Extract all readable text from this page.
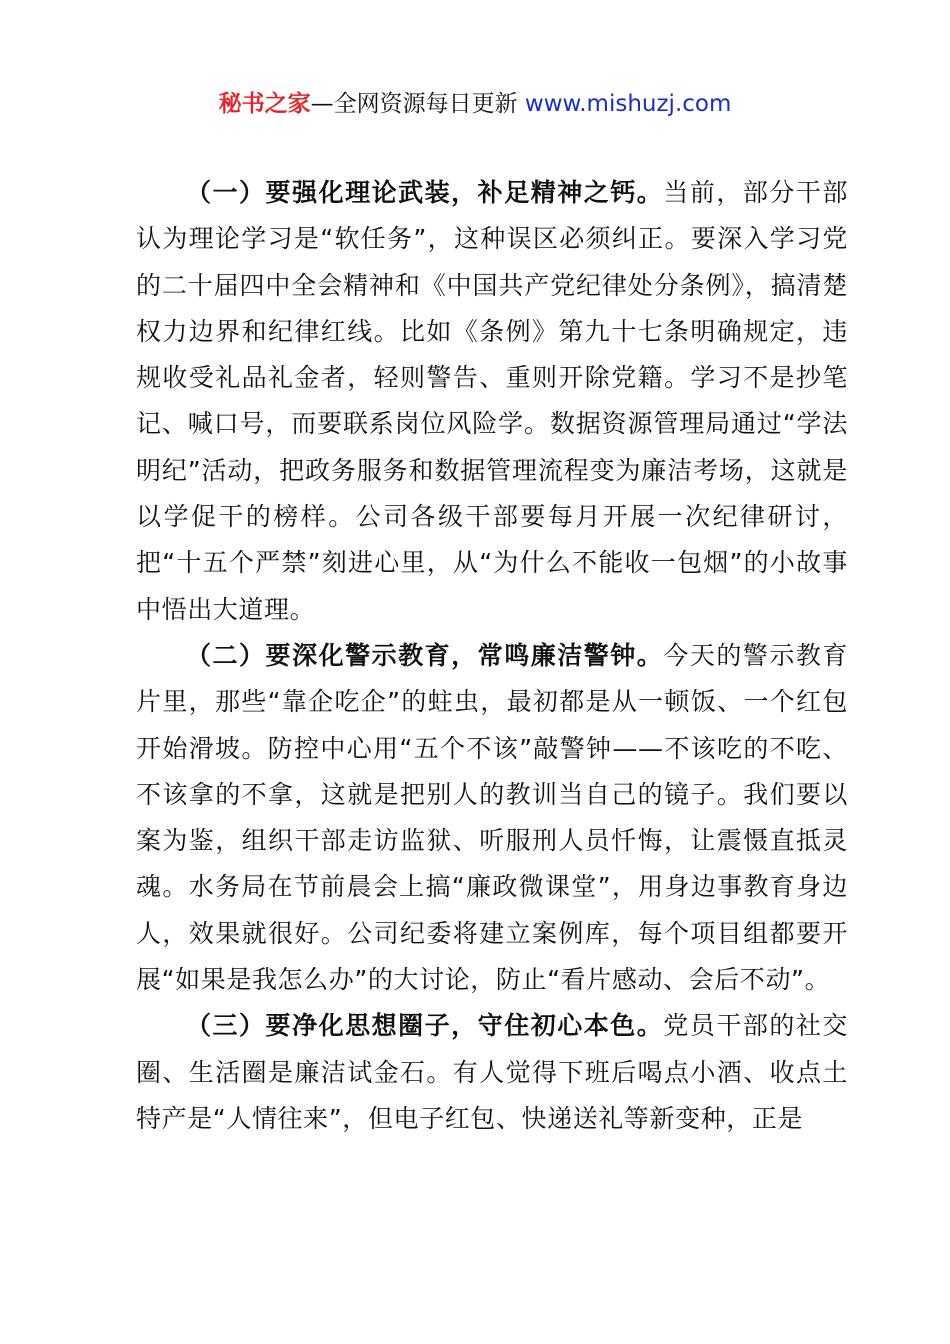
秘书之家—全网资源每日更新 www.mishuzj.com

（一）要强化理论武装，补足精神之钙。当前，部分干部认为理论学习是“软任务”，这种误区必须纠正。要深入学习党的二十届四中全会精神和《中国共产党纪律处分条例》，搞清楚权力边界和纪律红线。比如《条例》第九十七条明确规定，违规收受礼品礼金者，轻则警告、重则开除党籍。学习不是抄笔记、喊口号，而要联系岗位风险学。数据资源管理局通过“学法明纪”活动，把政务服务和数据管理流程变为廉洁考场，这就是以学促干的榜样。公司各级干部要每月开展一次纪律研讨，把“十五个严禁”刻进心里，从“为什么不能收一包烟”的小故事中悟出大道理。

（二）要深化警示教育，常鸣廉洁警钟。今天的警示教育片里，那些“靠企吃企”的蛀虫，最初都是从一顿饭、一个红包开始滑坡。防控中心用“五个不该”敲警钟——不该吃的不吃、不该拿的不拿，这就是把别人的教训当自己的镜子。我们要以案为鉴，组织干部走访监狱、听服刑人员忏悔，让震慑直抵灵魂。水务局在节前晨会上搞“廉政微课堂”，用身边事教育身边人，效果就很好。公司纪委将建立案例库，每个项目组都要开展“如果是我怎么办”的大讨论，防止“看片感动、会后不动”。

（三）要净化思想圈子，守住初心本色。党员干部的社交圈、生活圈是廉洁试金石。有人觉得下班后喝点小酒、收点土特产是“人情往来”，但电子红包、快递送礼等新变种，正是
